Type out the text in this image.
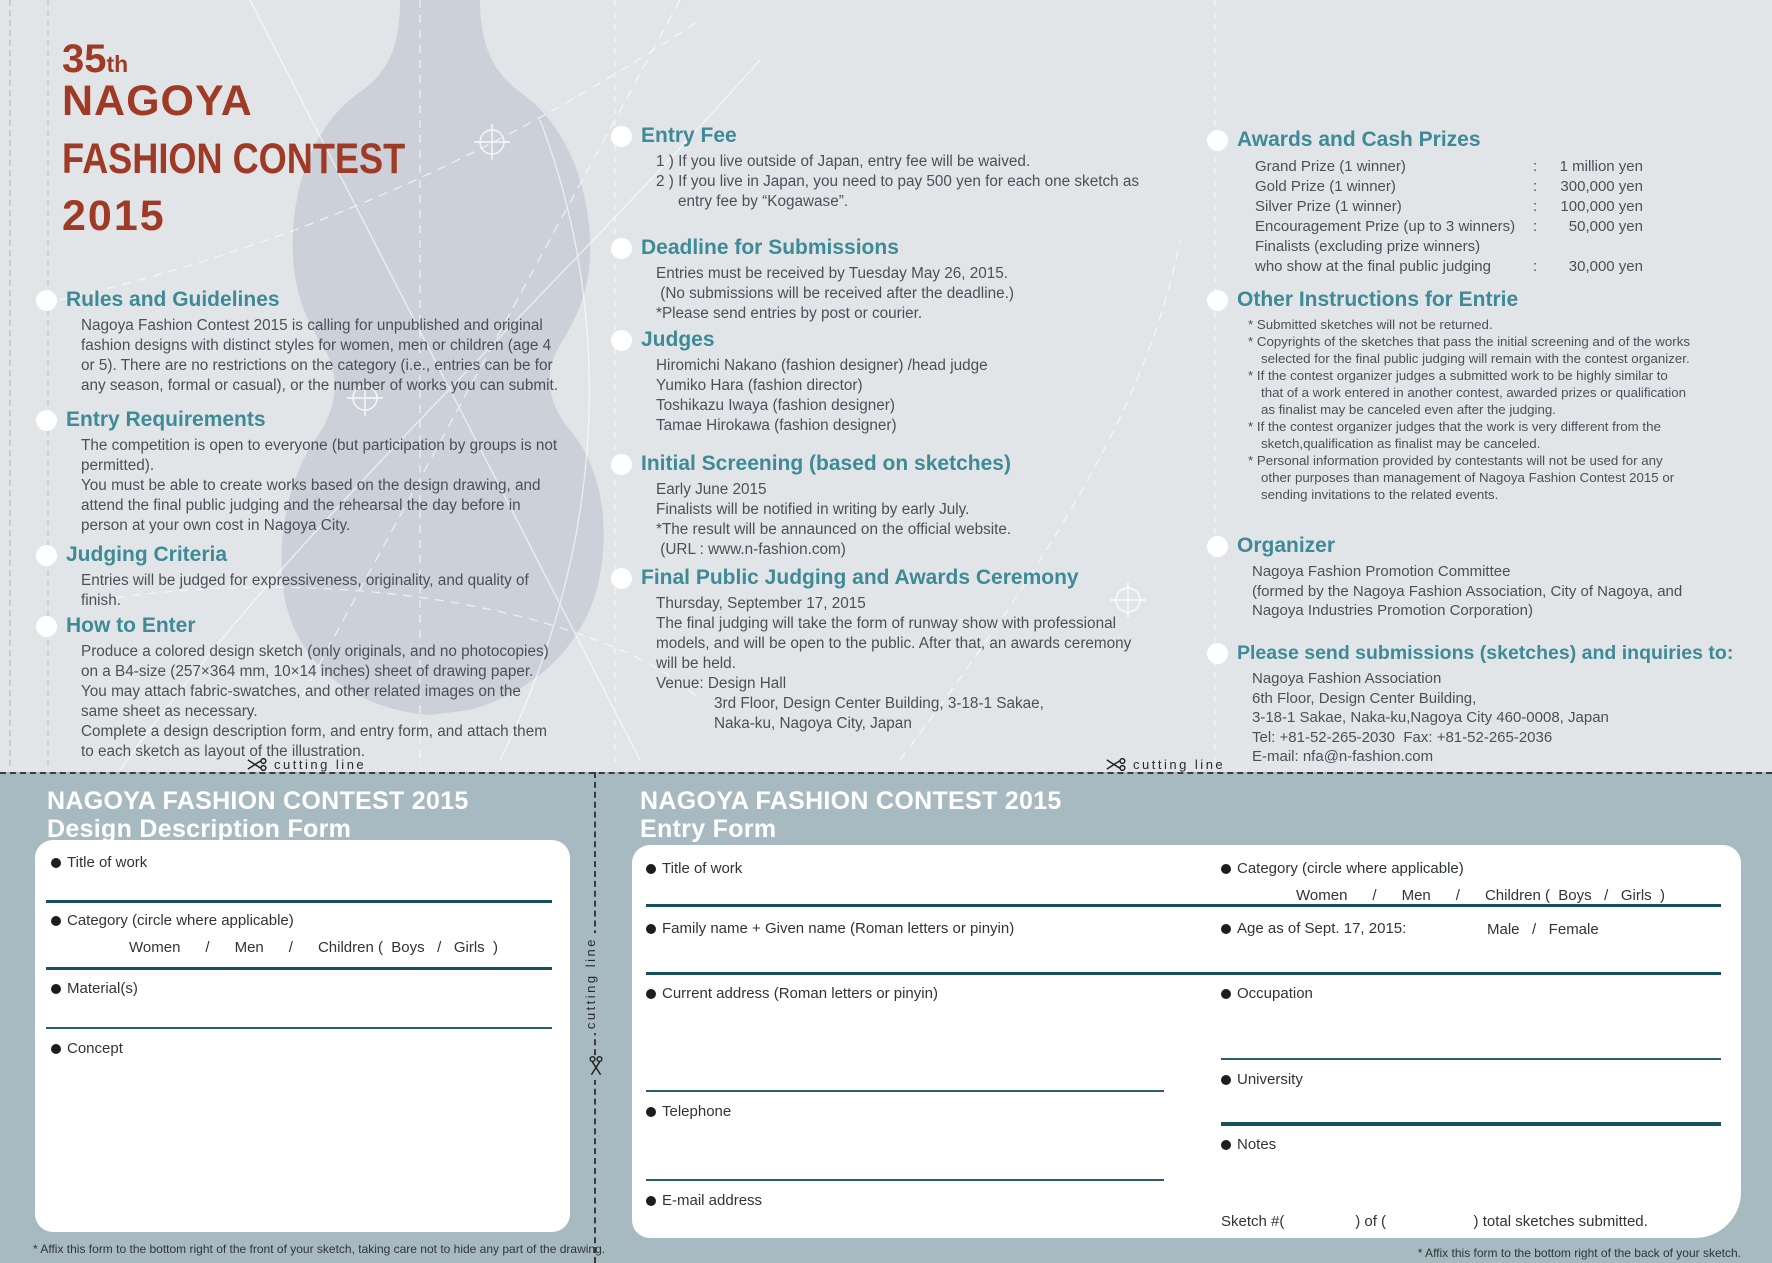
35th
NAGOYA
FASHION CONTEST
2015
Rules and Guidelines
Nagoya Fashion Contest 2015 is calling for unpublished and original
fashion designs with distinct styles for women, men or children (age 4
or 5). There are no restrictions on the category (i.e., entries can be for
any season, formal or casual), or the number of works you can submit.
Entry Requirements
The competition is open to everyone (but participation by groups is not
permitted).
You must be able to create works based on the design drawing, and
attend the final public judging and the rehearsal the day before in
person at your own cost in Nagoya City.
Judging Criteria
Entries will be judged for expressiveness, originality, and quality of
finish.
How to Enter
Produce a colored design sketch (only originals, and no photocopies)
on a B4-size (257×364 mm, 10×14 inches) sheet of drawing paper.
You may attach fabric-swatches, and other related images on the
same sheet as necessary.
Complete a design description form, and entry form, and attach them
to each sketch as layout of the illustration.
Entry Fee
1 ) If you live outside of Japan, entry fee will be waived.
2 ) If you live in Japan, you need to pay 500 yen for each one sketch as
entry fee by “Kogawase”.
Deadline for Submissions
Entries must be received by Tuesday May 26, 2015.
(No submissions will be received after the deadline.)
*Please send entries by post or courier.
Judges
Hiromichi Nakano (fashion designer) /head judge
Yumiko Hara (fashion director)
Toshikazu Iwaya (fashion designer)
Tamae Hirokawa (fashion designer)
Initial Screening (based on sketches)
Early June 2015
Finalists will be notified in writing by early July.
*The result will be annaunced on the official website.
(URL : www.n-fashion.com)
Final Public Judging and Awards Ceremony
Thursday, September 17, 2015
The final judging will take the form of runway show with professional
models, and will be open to the public. After that, an awards ceremony
will be held.
Venue: Design Hall
3rd Floor, Design Center Building, 3-18-1 Sakae,
Naka-ku, Nagoya City, Japan
Awards and Cash Prizes
Grand Prize (1 winner)	:	1 million yen
Gold Prize (1 winner)	:	300,000 yen
Silver Prize (1 winner)	:	100,000 yen
Encouragement Prize (up to 3 winners)	:	50,000 yen
Finalists (excluding prize winners)
who show at the final public judging	:	30,000 yen
Other Instructions for Entrie
* Submitted sketches will not be returned.
* Copyrights of the sketches that pass the initial screening and of the works
selected for the final public judging will remain with the contest organizer.
* If the contest organizer judges a submitted work to be highly similar to
that of a work entered in another contest, awarded prizes or qualification
as finalist may be canceled even after the judging.
* If the contest organizer judges that the work is very different from the
sketch,qualification as finalist may be canceled.
* Personal information provided by contestants will not be used for any
other purposes than management of Nagoya Fashion Contest 2015 or
sending invitations to the related events.
Organizer
Nagoya Fashion Promotion Committee
(formed by the Nagoya Fashion Association, City of Nagoya, and
Nagoya Industries Promotion Corporation)
Please send submissions (sketches) and inquiries to:
Nagoya Fashion Association
6th Floor, Design Center Building,
3-18-1 Sakae, Naka-ku,Nagoya City 460-0008, Japan
Tel: +81-52-265-2030  Fax: +81-52-265-2036
E-mail: nfa@n-fashion.com
cutting line	cutting line
cutting line
NAGOYA FASHION CONTEST 2015
Design Description Form
Title of work
Category (circle where applicable)
Women      /      Men      /      Children (  Boys   /   Girls  )
Material(s)
Concept
* Affix this form to the bottom right of the front of your sketch, taking care not to hide any part of the drawing.
NAGOYA FASHION CONTEST 2015
Entry Form
Title of work	Category (circle where applicable)
Women      /      Men      /      Children (  Boys   /   Girls  )
Family name + Given name (Roman letters or pinyin)	Age as of Sept. 17, 2015:	Male   /   Female
Current address (Roman letters or pinyin)	Occupation
University
Telephone
Notes
E-mail address
Sketch #(                 ) of (                     ) total sketches submitted.
* Affix this form to the bottom right of the back of your sketch.
